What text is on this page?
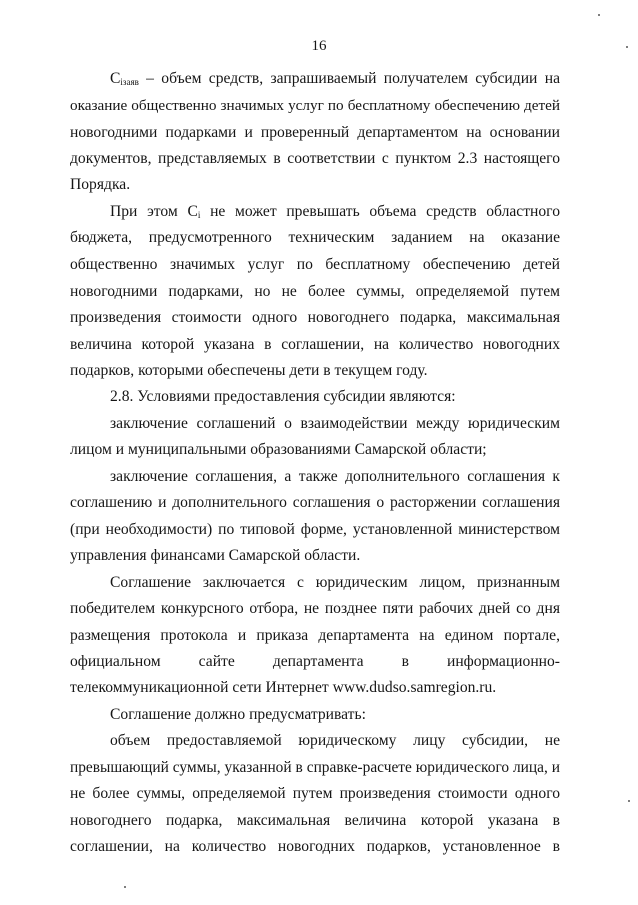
16
$C_{iзаяв}$ – объем средств, запрашиваемый получателем субсидии на
оказание общественно значимых услуг по бесплатному обеспечению детей
новогодними подарками и проверенный департаментом на основании
документов, представляемых в соответствии с пунктом 2.3 настоящего
Порядка.
При этом $C_i$ не может превышать объема средств областного
бюджета, предусмотренного техническим заданием на оказание
общественно значимых услуг по бесплатному обеспечению детей
новогодними подарками, но не более суммы, определяемой путем
произведения стоимости одного новогоднего подарка, максимальная
величина которой указана в соглашении, на количество новогодних
подарков, которыми обеспечены дети в текущем году.
2.8. Условиями предоставления субсидии являются:
заключение соглашений о взаимодействии между юридическим
лицом и муниципальными образованиями Самарской области;
заключение соглашения, а также дополнительного соглашения к
соглашению и дополнительного соглашения о расторжении соглашения
(при необходимости) по типовой форме, установленной министерством
управления финансами Самарской области.
Соглашение заключается с юридическим лицом, признанным
победителем конкурсного отбора, не позднее пяти рабочих дней со дня
размещения протокола и приказа департамента на едином портале,
официальном сайте департамента в информационно-
телекоммуникационной сети Интернет www.dudso.samregion.ru.
Соглашение должно предусматривать:
объем предоставляемой юридическому лицу субсидии, не
превышающий суммы, указанной в справке-расчете юридического лица, и
не более суммы, определяемой путем произведения стоимости одного
новогоднего подарка, максимальная величина которой указана в
соглашении, на количество новогодних подарков, установленное в
